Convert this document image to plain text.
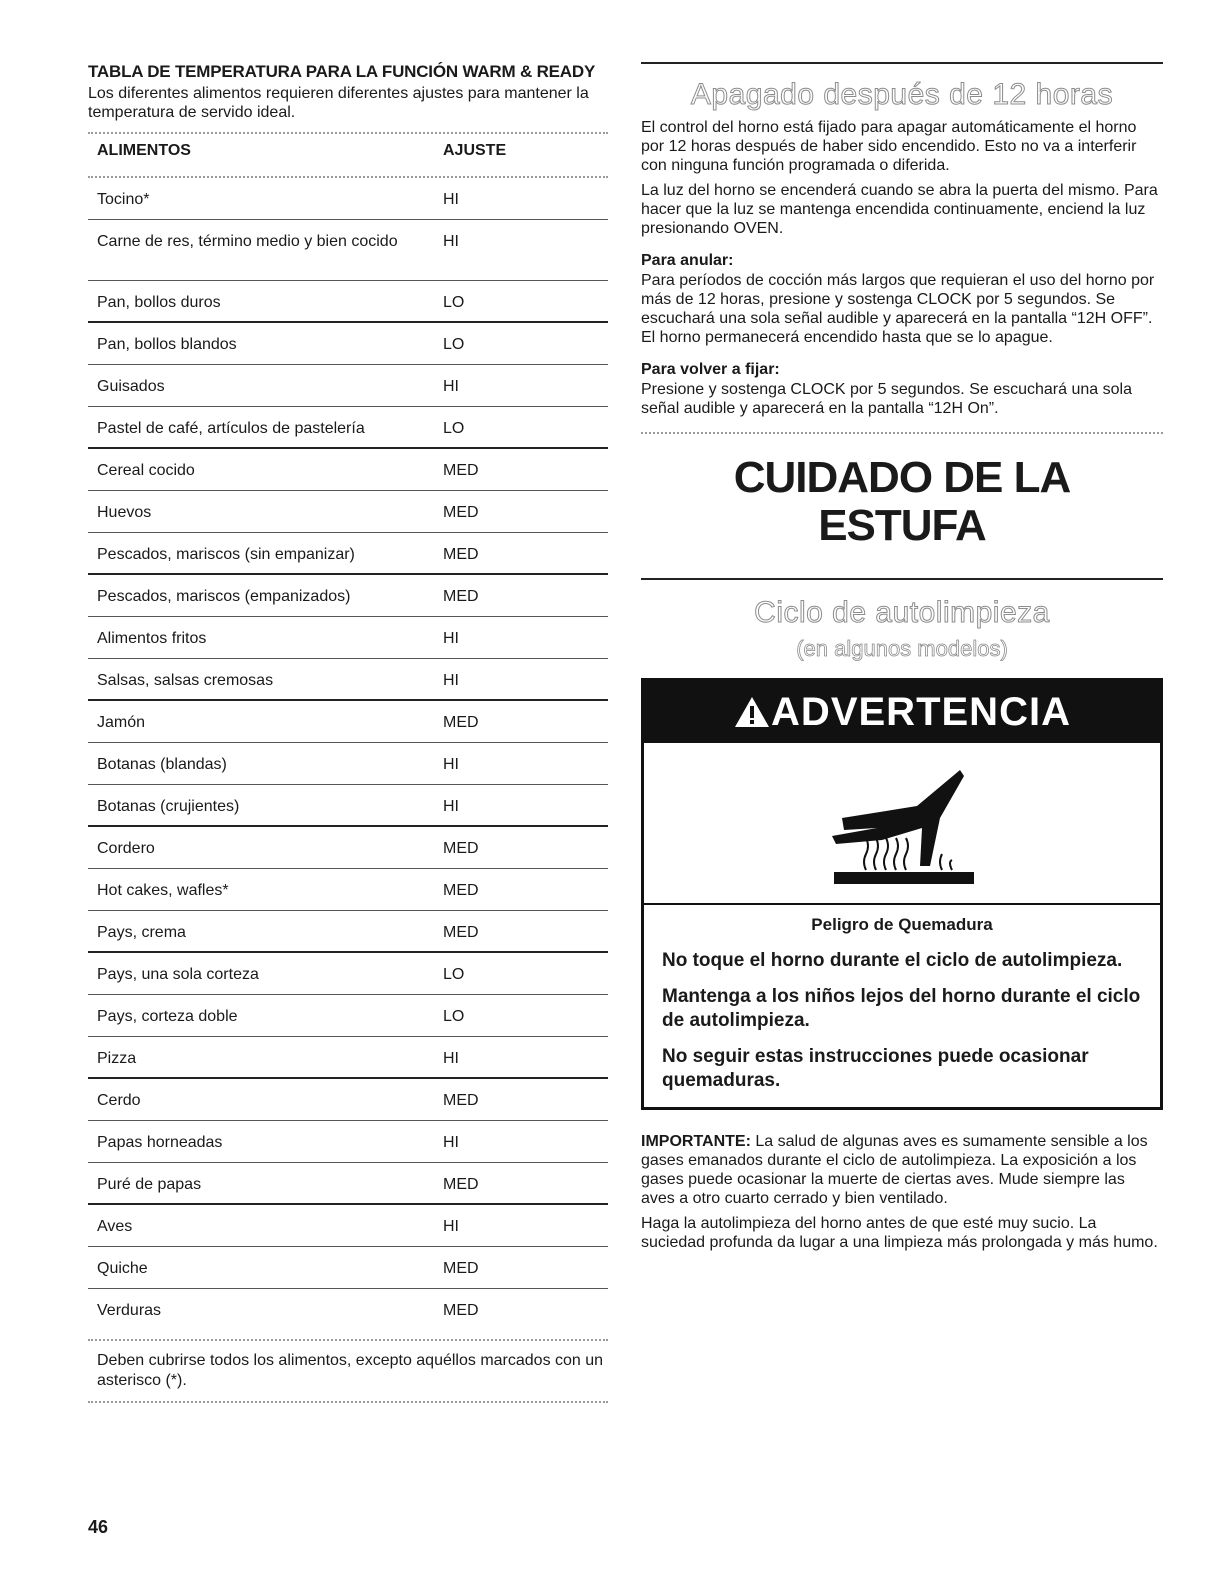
TABLA DE TEMPERATURA PARA LA FUNCIÓN WARM & READY

Los diferentes alimentos requieren diferentes ajustes para mantener la temperatura de servido ideal.

ALIMENTOS	AJUSTE
Tocino*	HI
Carne de res, término medio y bien cocido	HI
Pan, bollos duros	LO
Pan, bollos blandos	LO
Guisados	HI
Pastel de café, artículos de pastelería	LO
Cereal cocido	MED
Huevos	MED
Pescados, mariscos (sin empanizar)	MED
Pescados, mariscos (empanizados)	MED
Alimentos fritos	HI
Salsas, salsas cremosas	HI
Jamón	MED
Botanas (blandas)	HI
Botanas (crujientes)	HI
Cordero	MED
Hot cakes, wafles*	MED
Pays, crema	MED
Pays, una sola corteza	LO
Pays, corteza doble	LO
Pizza	HI
Cerdo	MED
Papas horneadas	HI
Puré de papas	MED
Aves	HI
Quiche	MED
Verduras	MED
Deben cubrirse todos los alimentos, excepto aquéllos marcados con un asterisco (*).
Apagado después de 12 horas

El control del horno está fijado para apagar automáticamente el horno por 12 horas después de haber sido encendido. Esto no va a interferir con ninguna función programada o diferida.

La luz del horno se encenderá cuando se abra la puerta del mismo. Para hacer que la luz se mantenga encendida continuamente, enciend la luz presionando OVEN.

Para anular:

Para períodos de cocción más largos que requieran el uso del horno por más de 12 horas, presione y sostenga CLOCK por 5 segundos. Se escuchará una sola señal audible y aparecerá en la pantalla “12H OFF”. El horno permanecerá encendido hasta que se lo apague.

Para volver a fijar:

Presione y sostenga CLOCK por 5 segundos. Se escuchará una sola señal audible y aparecerá en la pantalla “12H On”.

CUIDADO DE LA
ESTUFA
Ciclo de autolimpieza
(en algunos modelos)
ADVERTENCIA

Peligro de Quemadura

No toque el horno durante el ciclo de autolimpieza.

Mantenga a los niños lejos del horno durante el ciclo de autolimpieza.

No seguir estas instrucciones puede ocasionar quemaduras.

IMPORTANTE: La salud de algunas aves es sumamente sensible a los gases emanados durante el ciclo de autolimpieza. La exposición a los gases puede ocasionar la muerte de ciertas aves. Mude siempre las aves a otro cuarto cerrado y bien ventilado.

Haga la autolimpieza del horno antes de que esté muy sucio. La suciedad profunda da lugar a una limpieza más prolongada y más humo.

46
